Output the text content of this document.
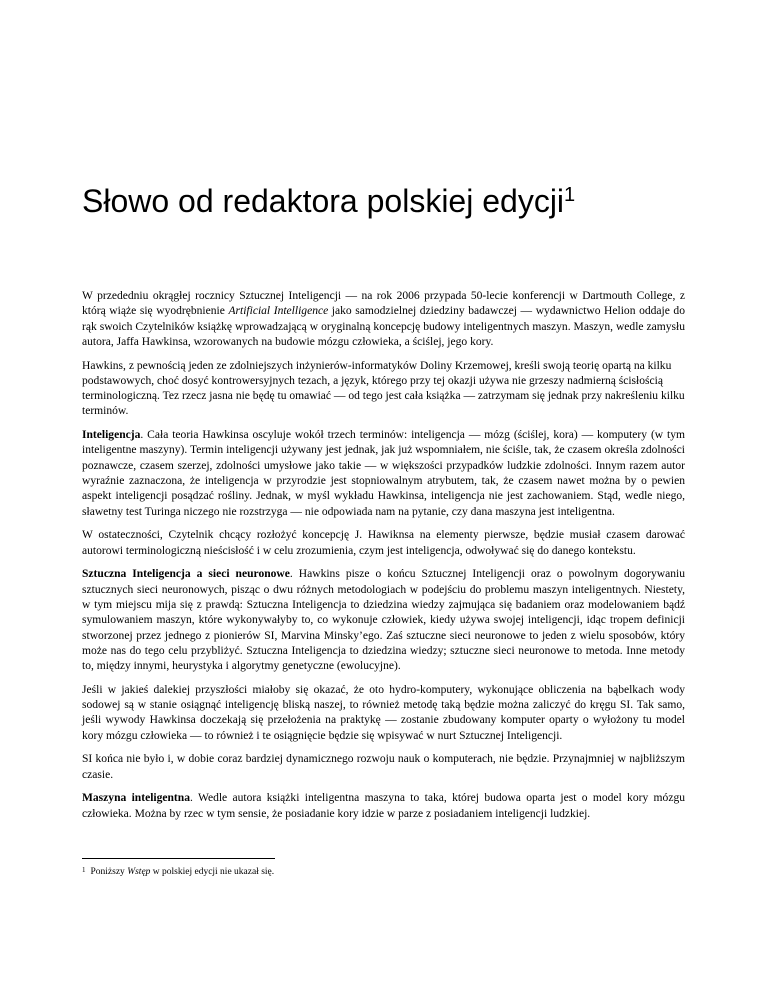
Słowo od redaktora polskiej edycji$^1$

W przededniu okrągłej rocznicy Sztucznej Inteligencji — na rok 2006 przypada 50-lecie konferencji w Dartmouth College, z którą wiąże się wyodrębnienie Artificial Intelligence jako samodzielnej dziedziny badawczej — wydawnictwo Helion oddaje do rąk swoich Czytelników książkę wprowadzającą w oryginalną koncepcję budowy inteligentnych maszyn. Maszyn, wedle zamysłu autora, Jaffa Hawkinsa, wzorowanych na budowie mózgu człowieka, a ściślej, jego kory.

Hawkins, z pewnością jeden ze zdolniejszych inżynierów-informatyków Doliny Krzemowej, kreśli swoją teorię opartą na kilku podstawowych, choć dosyć kontrowersyjnych tezach, a język, którego przy tej okazji używa nie grzeszy nadmierną ścisłością terminologiczną. Tez rzecz jasna nie będę tu omawiać — od tego jest cała książka — zatrzymam się jednak przy nakreśleniu kilku terminów.

Inteligencja. Cała teoria Hawkinsa oscyluje wokół trzech terminów: inteligencja — mózg (ściślej, kora) — komputery (w tym inteligentne maszyny). Termin inteligencji używany jest jednak, jak już wspomniałem, nie ściśle, tak, że czasem określa zdolności poznawcze, czasem szerzej, zdolności umysłowe jako takie — w większości przypadków ludzkie zdolności. Innym razem autor wyraźnie zaznaczona, że inteligencja w przyrodzie jest stopniowalnym atrybutem, tak, że czasem nawet można by o pewien aspekt inteligencji posądzać rośliny. Jednak, w myśl wykładu Hawkinsa, inteligencja nie jest zachowaniem. Stąd, wedle niego, sławetny test Turinga niczego nie rozstrzyga — nie odpowiada nam na pytanie, czy dana maszyna jest inteligentna.

W ostateczności, Czytelnik chcący rozłożyć koncepcję J. Hawiknsa na elementy pierwsze, będzie musiał czasem darować autorowi terminologiczną nieścisłość i w celu zrozumienia, czym jest inteligencja, odwoływać się do danego kontekstu.

Sztuczna Inteligencja a sieci neuronowe. Hawkins pisze o końcu Sztucznej Inteligencji oraz o powolnym dogorywaniu sztucznych sieci neuronowych, pisząc o dwu różnych metodologiach w podejściu do problemu maszyn inteligentnych. Niestety, w tym miejscu mija się z prawdą: Sztuczna Inteligencja to dziedzina wiedzy zajmująca się badaniem oraz modelowaniem bądź symulowaniem maszyn, które wykonywałyby to, co wykonuje człowiek, kiedy używa swojej inteligencji, idąc tropem definicji stworzonej przez jednego z pionierów SI, Marvina Minsky’ego. Zaś sztuczne sieci neuronowe to jeden z wielu sposobów, który może nas do tego celu przybliżyć. Sztuczna Inteligencja to dziedzina wiedzy; sztuczne sieci neuronowe to metoda. Inne metody to, między innymi, heurystyka i algorytmy genetyczne (ewolucyjne).

Jeśli w jakieś dalekiej przyszłości miałoby się okazać, że oto hydro-komputery, wykonujące obliczenia na bąbelkach wody sodowej są w stanie osiągnąć inteligencję bliską naszej, to również metodę taką będzie można zaliczyć do kręgu SI. Tak samo, jeśli wywody Hawkinsa doczekają się przełożenia na praktykę — zostanie zbudowany komputer oparty o wyłożony tu model kory mózgu człowieka — to również i te osiągnięcie będzie się wpisywać w nurt Sztucznej Inteligencji.

SI końca nie było i, w dobie coraz bardziej dynamicznego rozwoju nauk o komputerach, nie będzie. Przynajmniej w najbliższym czasie.

Maszyna inteligentna. Wedle autora książki inteligentna maszyna to taka, której budowa oparta jest o model kory mózgu człowieka. Można by rzec w tym sensie, że posiadanie kory idzie w parze z posiadaniem inteligencji ludzkiej.

$^1$ Poniższy Wstęp w polskiej edycji nie ukazał się.
